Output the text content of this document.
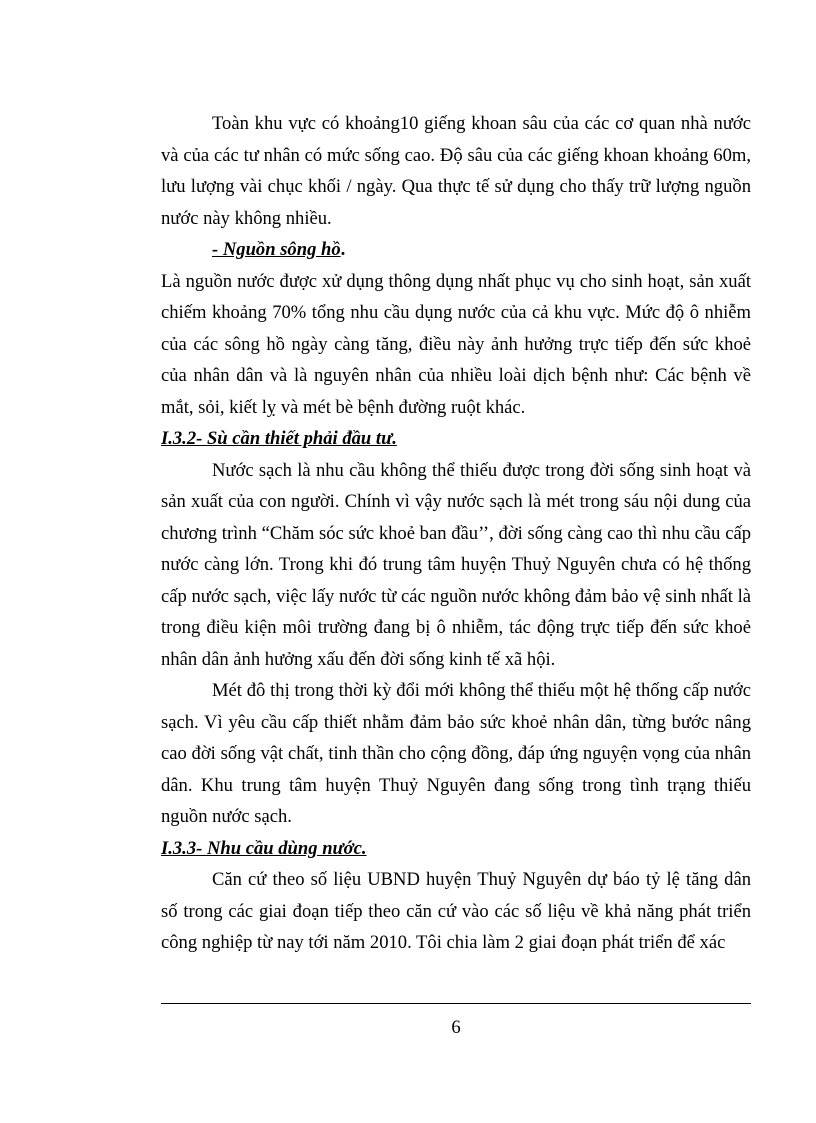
Toàn khu vực có khoảng10 giếng khoan sâu của các cơ quan nhà nước và của các tư nhân có mức sống cao. Độ sâu của các giếng khoan khoảng 60m, lưu lượng vài chục khối / ngày. Qua thực tế sử dụng cho thấy trữ lượng nguồn nước này không nhiều.

- Nguồn sông hồ.

Là nguồn nước được xử dụng thông dụng nhất phục vụ cho sinh hoạt, sản xuất chiếm khoảng 70% tổng nhu cầu dụng nước của cả khu vực. Mức độ ô nhiễm của các sông hồ ngày càng tăng, điều này ảnh hưởng trực tiếp đến sức khoẻ của nhân dân và là nguyên nhân của nhiều loài dịch bệnh như: Các bệnh về mắt, sỏi, kiết lỵ và mét bè bệnh đường ruột khác.

I.3.2- Sù cần thiết phải đầu tư.

Nước sạch là nhu cầu không thể thiếu được trong đời sống sinh hoạt và sản xuất của con người. Chính vì vậy nước sạch là mét trong sáu nội dung của chương trình “Chăm sóc sức khoẻ ban đầu’’, đời sống càng cao thì nhu cầu cấp nước càng lớn. Trong khi đó trung tâm huyện Thuỷ Nguyên chưa có hệ thống cấp nước sạch, việc lấy nước từ các nguồn nước không đảm bảo vệ sinh nhất là trong điều kiện môi trường đang bị ô nhiễm, tác động trực tiếp đến sức khoẻ nhân dân ảnh hưởng xấu đến đời sống kinh tế xã hội.

Mét đô thị trong thời kỳ đổi mới không thể thiếu một hệ thống cấp nước sạch. Vì yêu cầu cấp thiết nhằm đảm bảo sức khoẻ nhân dân, từng bước nâng cao đời sống vật chất, tinh thần cho cộng đồng, đáp ứng nguyện vọng của nhân dân. Khu trung tâm huyện Thuỷ Nguyên đang sống trong tình trạng thiếu nguồn nước sạch.

I.3.3- Nhu cầu dùng nước.

Căn cứ theo số liệu UBND huyện Thuỷ Nguyên dự báo tỷ lệ tăng dân số trong các giai đoạn tiếp theo căn cứ vào các số liệu về khả năng phát triển công nghiệp từ nay tới năm 2010. Tôi chia làm 2 giai đoạn phát triển để xác

6
